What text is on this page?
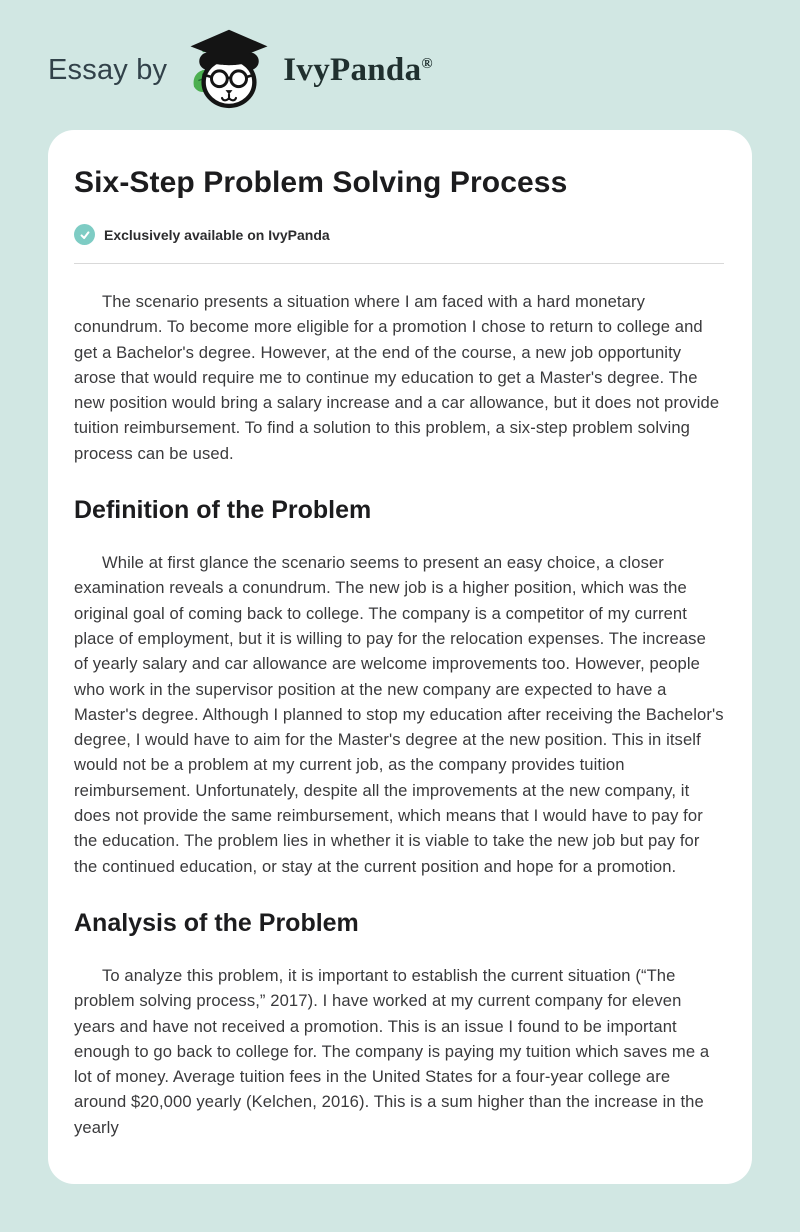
Essay by	IvyPanda®
Six-Step Problem Solving Process
Exclusively available on IvyPanda

The scenario presents a situation where I am faced with a hard monetary conundrum. To become more eligible for a promotion I chose to return to college and get a Bachelor's degree. However, at the end of the course, a new job opportunity arose that would require me to continue my education to get a Master's degree. The new position would bring a salary increase and a car allowance, but it does not provide tuition reimbursement. To find a solution to this problem, a six-step problem solving process can be used.

Definition of the Problem

While at first glance the scenario seems to present an easy choice, a closer examination reveals a conundrum. The new job is a higher position, which was the original goal of coming back to college. The company is a competitor of my current place of employment, but it is willing to pay for the relocation expenses. The increase of yearly salary and car allowance are welcome improvements too. However, people who work in the supervisor position at the new company are expected to have a Master's degree. Although I planned to stop my education after receiving the Bachelor's degree, I would have to aim for the Master's degree at the new position. This in itself would not be a problem at my current job, as the company provides tuition reimbursement. Unfortunately, despite all the improvements at the new company, it does not provide the same reimbursement, which means that I would have to pay for the education. The problem lies in whether it is viable to take the new job but pay for the continued education, or stay at the current position and hope for a promotion.

Analysis of the Problem

To analyze this problem, it is important to establish the current situation (“The problem solving process,” 2017). I have worked at my current company for eleven years and have not received a promotion. This is an issue I found to be important enough to go back to college for. The company is paying my tuition which saves me a lot of money. Average tuition fees in the United States for a four-year college are around $20,000 yearly (Kelchen, 2016). This is a sum higher than the increase in the yearly
